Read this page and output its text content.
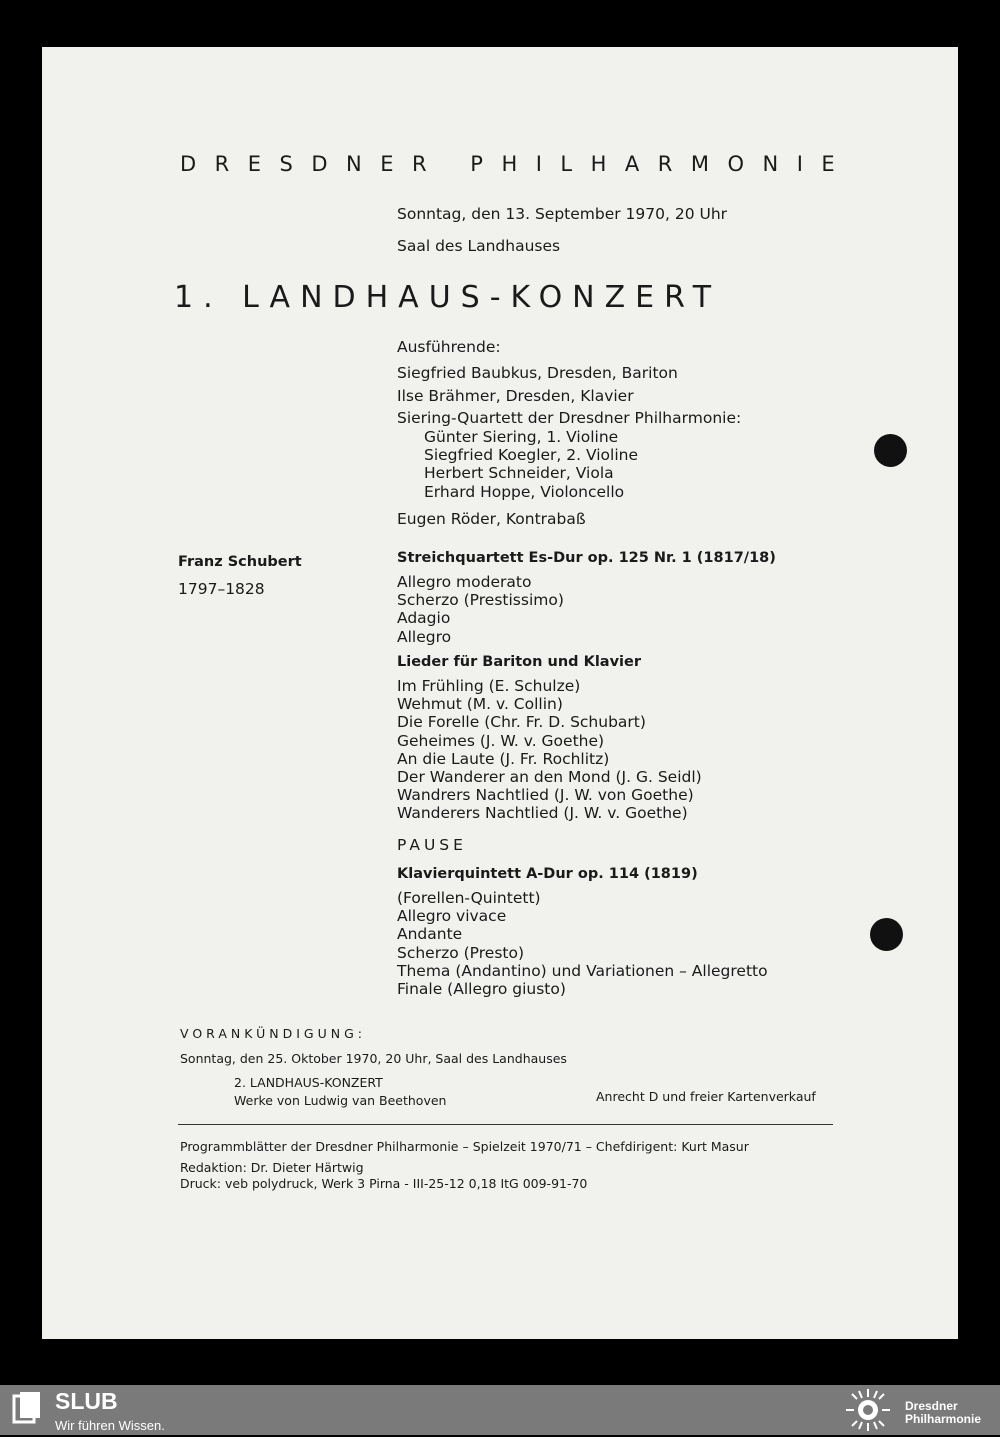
DRESDNER PHILHARMONIE
Sonntag, den 13. September 1970, 20 Uhr
Saal des Landhauses
1. LANDHAUS-KONZERT
Ausführende:
Siegfried Baubkus, Dresden, Bariton
Ilse Brähmer, Dresden, Klavier
Siering-Quartett der Dresdner Philharmonie:
Günter Siering, 1. Violine
Siegfried Koegler, 2. Violine
Herbert Schneider, Viola
Erhard Hoppe, Violoncello
Eugen Röder, Kontrabaß
Franz Schubert
1797–1828
Streichquartett Es-Dur op. 125 Nr. 1 (1817/18)
Allegro moderato
Scherzo (Prestissimo)
Adagio
Allegro
Lieder für Bariton und Klavier
Im Frühling (E. Schulze)
Wehmut (M. v. Collin)
Die Forelle (Chr. Fr. D. Schubart)
Geheimes (J. W. v. Goethe)
An die Laute (J. Fr. Rochlitz)
Der Wanderer an den Mond (J. G. Seidl)
Wandrers Nachtlied (J. W. von Goethe)
Wanderers Nachtlied (J. W. v. Goethe)
PAUSE
Klavierquintett A-Dur op. 114 (1819)
(Forellen-Quintett)
Allegro vivace
Andante
Scherzo (Presto)
Thema (Andantino) und Variationen – Allegretto
Finale (Allegro giusto)
VORANKÜNDIGUNG:
Sonntag, den 25. Oktober 1970, 20 Uhr, Saal des Landhauses
2. LANDHAUS-KONZERT
Werke von Ludwig van Beethoven	Anrecht D und freier Kartenverkauf
Programmblätter der Dresdner Philharmonie – Spielzeit 1970/71 – Chefdirigent: Kurt Masur
Redaktion: Dr. Dieter Härtwig
Druck: veb polydruck, Werk 3 Pirna - III-25-12 0,18 ItG 009-91-70
SLUB
Wir führen Wissen.
Dresdner
Philharmonie
